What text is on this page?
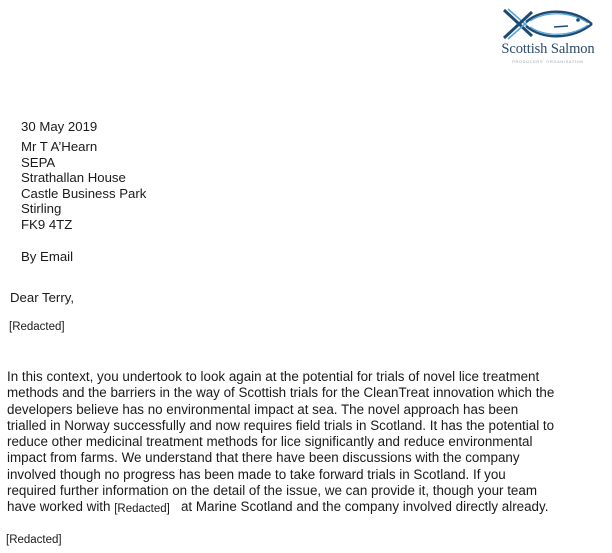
Scottish Salmon
PRODUCERS' ORGANISATION
30 May 2019
Mr T A’Hearn
SEPA
Strathallan House
Castle Business Park
Stirling
FK9 4TZ
By Email
Dear Terry,
[Redacted]
In this context, you undertook to look again at the potential for trials of novel lice treatment
methods and the barriers in the way of Scottish trials for the CleanTreat innovation which the
developers believe has no environmental impact at sea. The novel approach has been
trialled in Norway successfully and now requires field trials in Scotland. It has the potential to
reduce other medicinal treatment methods for lice significantly and reduce environmental
impact from farms. We understand that there have been discussions with the company
involved though no progress has been made to take forward trials in Scotland. If you
required further information on the detail of the issue, we can provide it, though your team
have worked with [Redacted]   at Marine Scotland and the company involved directly already.
[Redacted]
